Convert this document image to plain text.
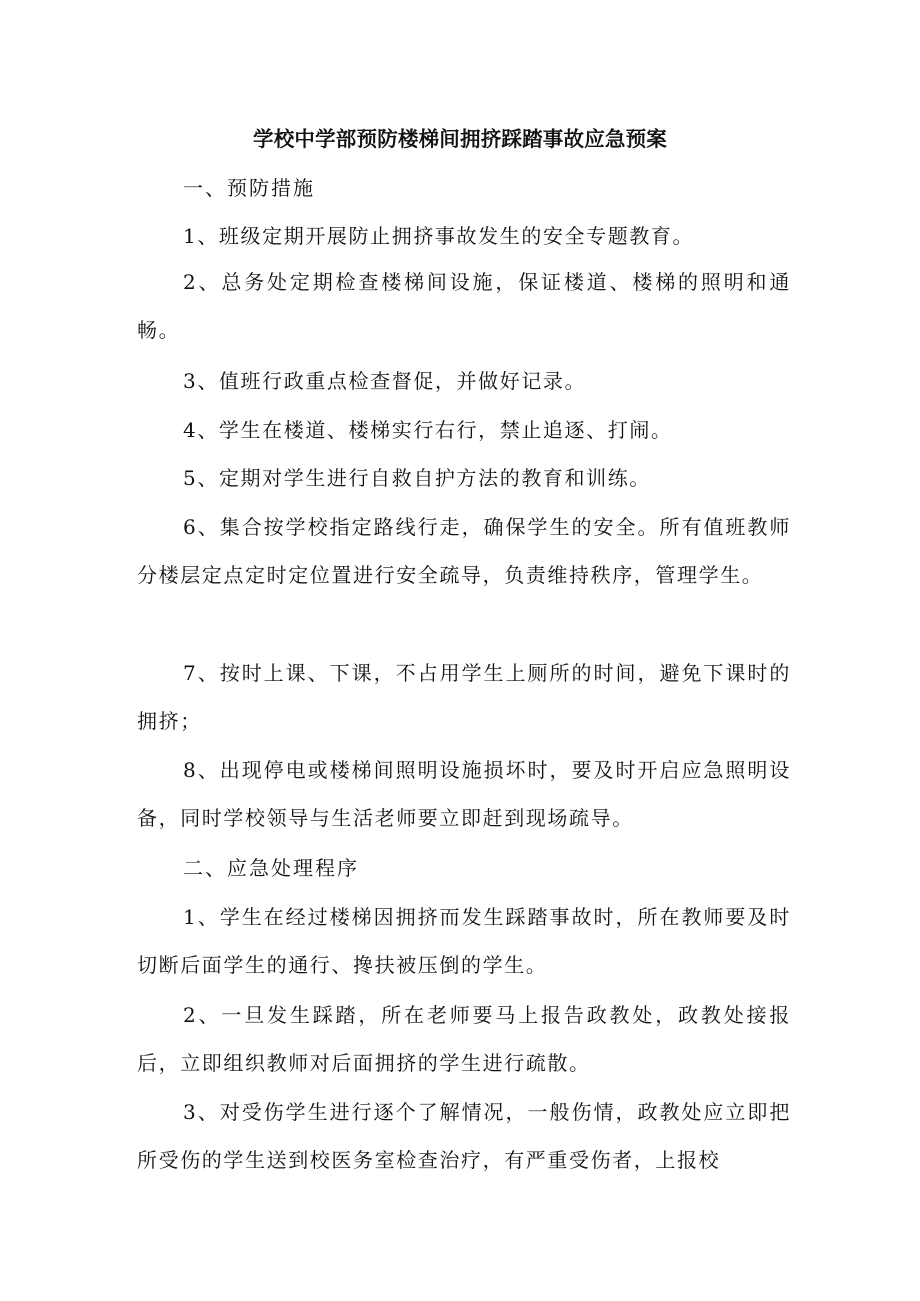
学校中学部预防楼梯间拥挤踩踏事故应急预案

一、预防措施

1、班级定期开展防止拥挤事故发生的安全专题教育。

2、总务处定期检查楼梯间设施，保证楼道、楼梯的照明和通畅。

3、值班行政重点检查督促，并做好记录。

4、学生在楼道、楼梯实行右行，禁止追逐、打闹。

5、定期对学生进行自救自护方法的教育和训练。

6、集合按学校指定路线行走，确保学生的安全。所有值班教师分楼层定点定时定位置进行安全疏导，负责维持秩序，管理学生。

7、按时上课、下课，不占用学生上厕所的时间，避免下课时的拥挤；

8、出现停电或楼梯间照明设施损坏时，要及时开启应急照明设备，同时学校领导与生活老师要立即赶到现场疏导。

二、应急处理程序

1、学生在经过楼梯因拥挤而发生踩踏事故时，所在教师要及时切断后面学生的通行、搀扶被压倒的学生。

2、一旦发生踩踏，所在老师要马上报告政教处，政教处接报后，立即组织教师对后面拥挤的学生进行疏散。

3、对受伤学生进行逐个了解情况，一般伤情，政教处应立即把所受伤的学生送到校医务室检查治疗，有严重受伤者，上报校
